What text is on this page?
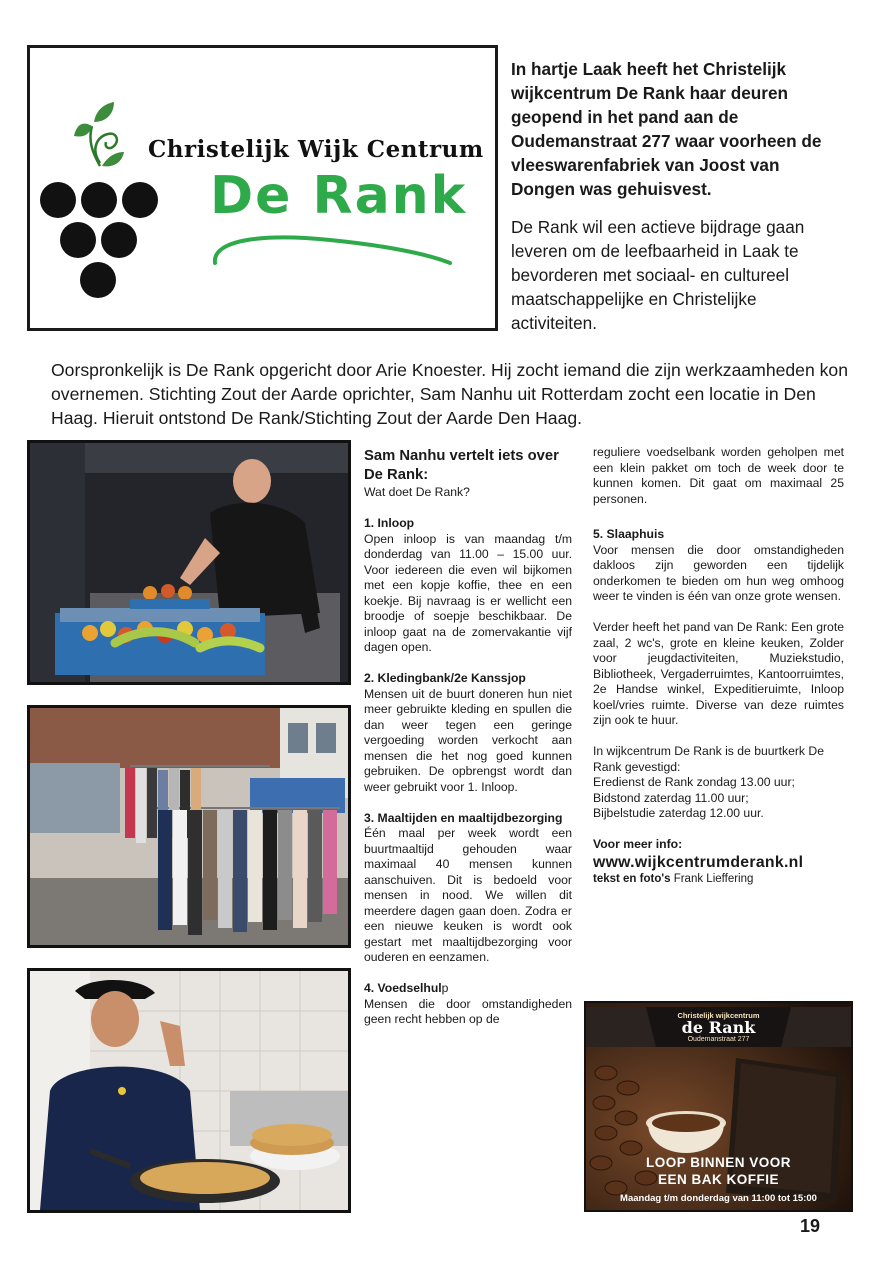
Christelijk Wijk Centrum
De Rank

In hartje Laak heeft het Christelijk wijkcentrum De Rank haar deuren geopend in het pand aan de Oudemanstraat 277 waar voorheen de vleeswarenfabriek van Joost van Dongen was gehuisvest.

De Rank wil een actieve bijdrage gaan leveren om de leefbaarheid in Laak te bevorderen met sociaal- en cultureel maatschappelijke en Christelijke activiteiten.

Oorspronkelijk is De Rank opgericht door Arie Knoester. Hij zocht iemand die zijn werkzaamheden kon overnemen. Stichting Zout der Aarde oprichter, Sam Nanhu uit Rotterdam zocht een locatie in Den Haag. Hieruit ontstond De Rank/Stichting Zout der Aarde Den Haag.

Sam Nanhu vertelt iets over De Rank:

Wat doet De Rank?

1. Inloop

Open inloop is van maandag t/m donderdag van 11.00 – 15.00 uur. Voor iedereen die even wil bijkomen met een kopje koffie, thee en een koekje. Bij navraag is er wellicht een broodje of soepje beschikbaar. De inloop gaat na de zomervakantie vijf dagen open.

2. Kledingbank/2e Kanssjop

Mensen uit de buurt doneren hun niet meer gebruikte kleding en spullen die dan weer tegen een geringe vergoeding worden verkocht aan mensen die het nog goed kunnen gebruiken. De opbrengst wordt dan weer gebruikt voor 1. Inloop.

3. Maaltijden en maaltijdbezorging

Één maal per week wordt een buurtmaaltijd gehouden waar maximaal 40 mensen kunnen aanschuiven. Dit is bedoeld voor mensen in nood. We willen dit meerdere dagen gaan doen. Zodra er een nieuwe keuken is wordt ook gestart met maaltijdbezorging voor ouderen en eenzamen.

4. Voedselhulp

Mensen die door omstandigheden geen recht hebben op de

reguliere voedselbank worden geholpen met een klein pakket om toch de week door te kunnen komen. Dit gaat om maximaal 25 personen.

5. Slaaphuis

Voor mensen die door omstandigheden dakloos zijn geworden een tijdelijk onderkomen te bieden om hun weg omhoog weer te vinden is één van onze grote wensen.

Verder heeft het pand van De Rank: Een grote zaal, 2 wc's, grote en kleine keuken, Zolder voor jeugdactiviteiten, Muziekstudio, Bibliotheek, Vergaderruimtes, Kantoorruimtes, 2e Handse winkel, Expeditieruimte, Inloop koel/vries ruimte. Diverse van deze ruimtes zijn ook te huur.

In wijkcentrum De Rank is de buurtkerk De Rank gevestigd:
Eredienst de Rank zondag 13.00 uur;
Bidstond zaterdag 11.00 uur;
Bijbelstudie zaterdag 12.00 uur.
Voor meer info:
www.wijkcentrumderank.nl
tekst en foto's Frank Lieffering
Christelijk wijkcentrum
de Rank
Oudemanstraat 277
LOOP BINNEN VOOR
EEN BAK KOFFIE
Maandag t/m donderdag van 11:00 tot 15:00
19
